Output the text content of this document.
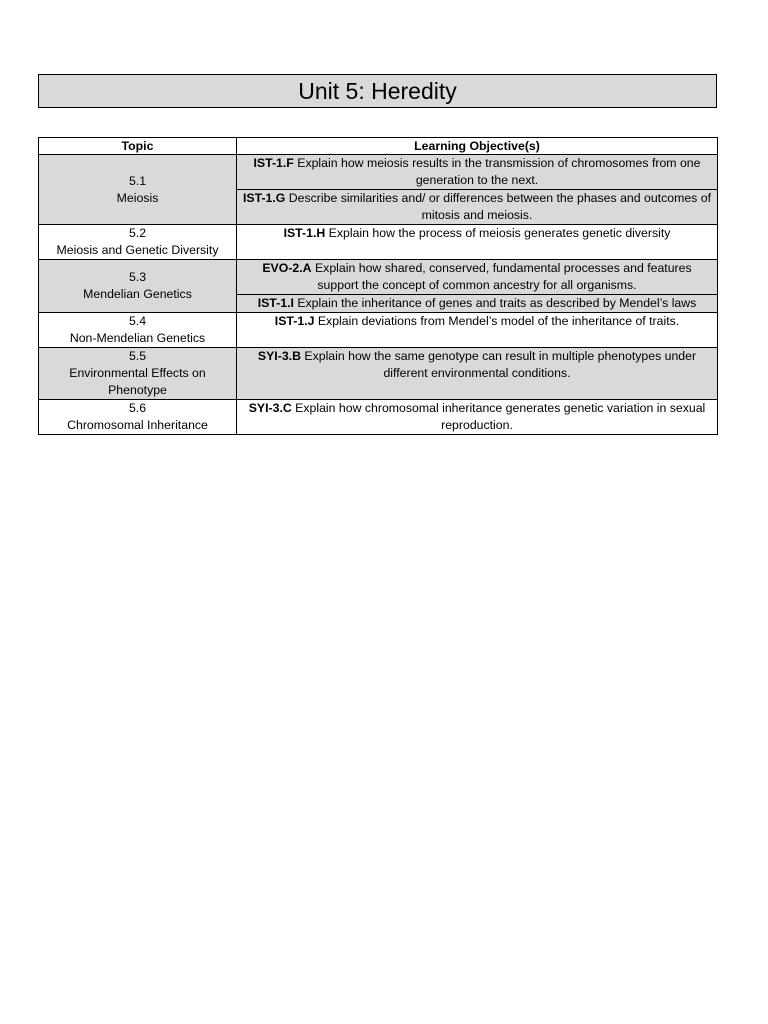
Unit 5: Heredity
Topic	Learning Objective(s)

5.1
Meiosis	IST-1.F Explain how meiosis results in the transmission of chromosomes from one generation to the next.
	IST-1.G Describe similarities and/ or differences between the phases and outcomes of mitosis and meiosis.

5.2
Meiosis and Genetic Diversity	IST-1.H Explain how the process of meiosis generates genetic diversity

5.3
Mendelian Genetics	EVO-2.A Explain how shared, conserved, fundamental processes and features support the concept of common ancestry for all organisms.
	IST-1.I Explain the inheritance of genes and traits as described by Mendel’s laws

5.4
Non-Mendelian Genetics	IST-1.J Explain deviations from Mendel’s model of the inheritance of traits.

5.5
Environmental Effects on Phenotype	SYI-3.B Explain how the same genotype can result in multiple phenotypes under different environmental conditions.

5.6
Chromosomal Inheritance	SYI-3.C Explain how chromosomal inheritance generates genetic variation in sexual reproduction.
